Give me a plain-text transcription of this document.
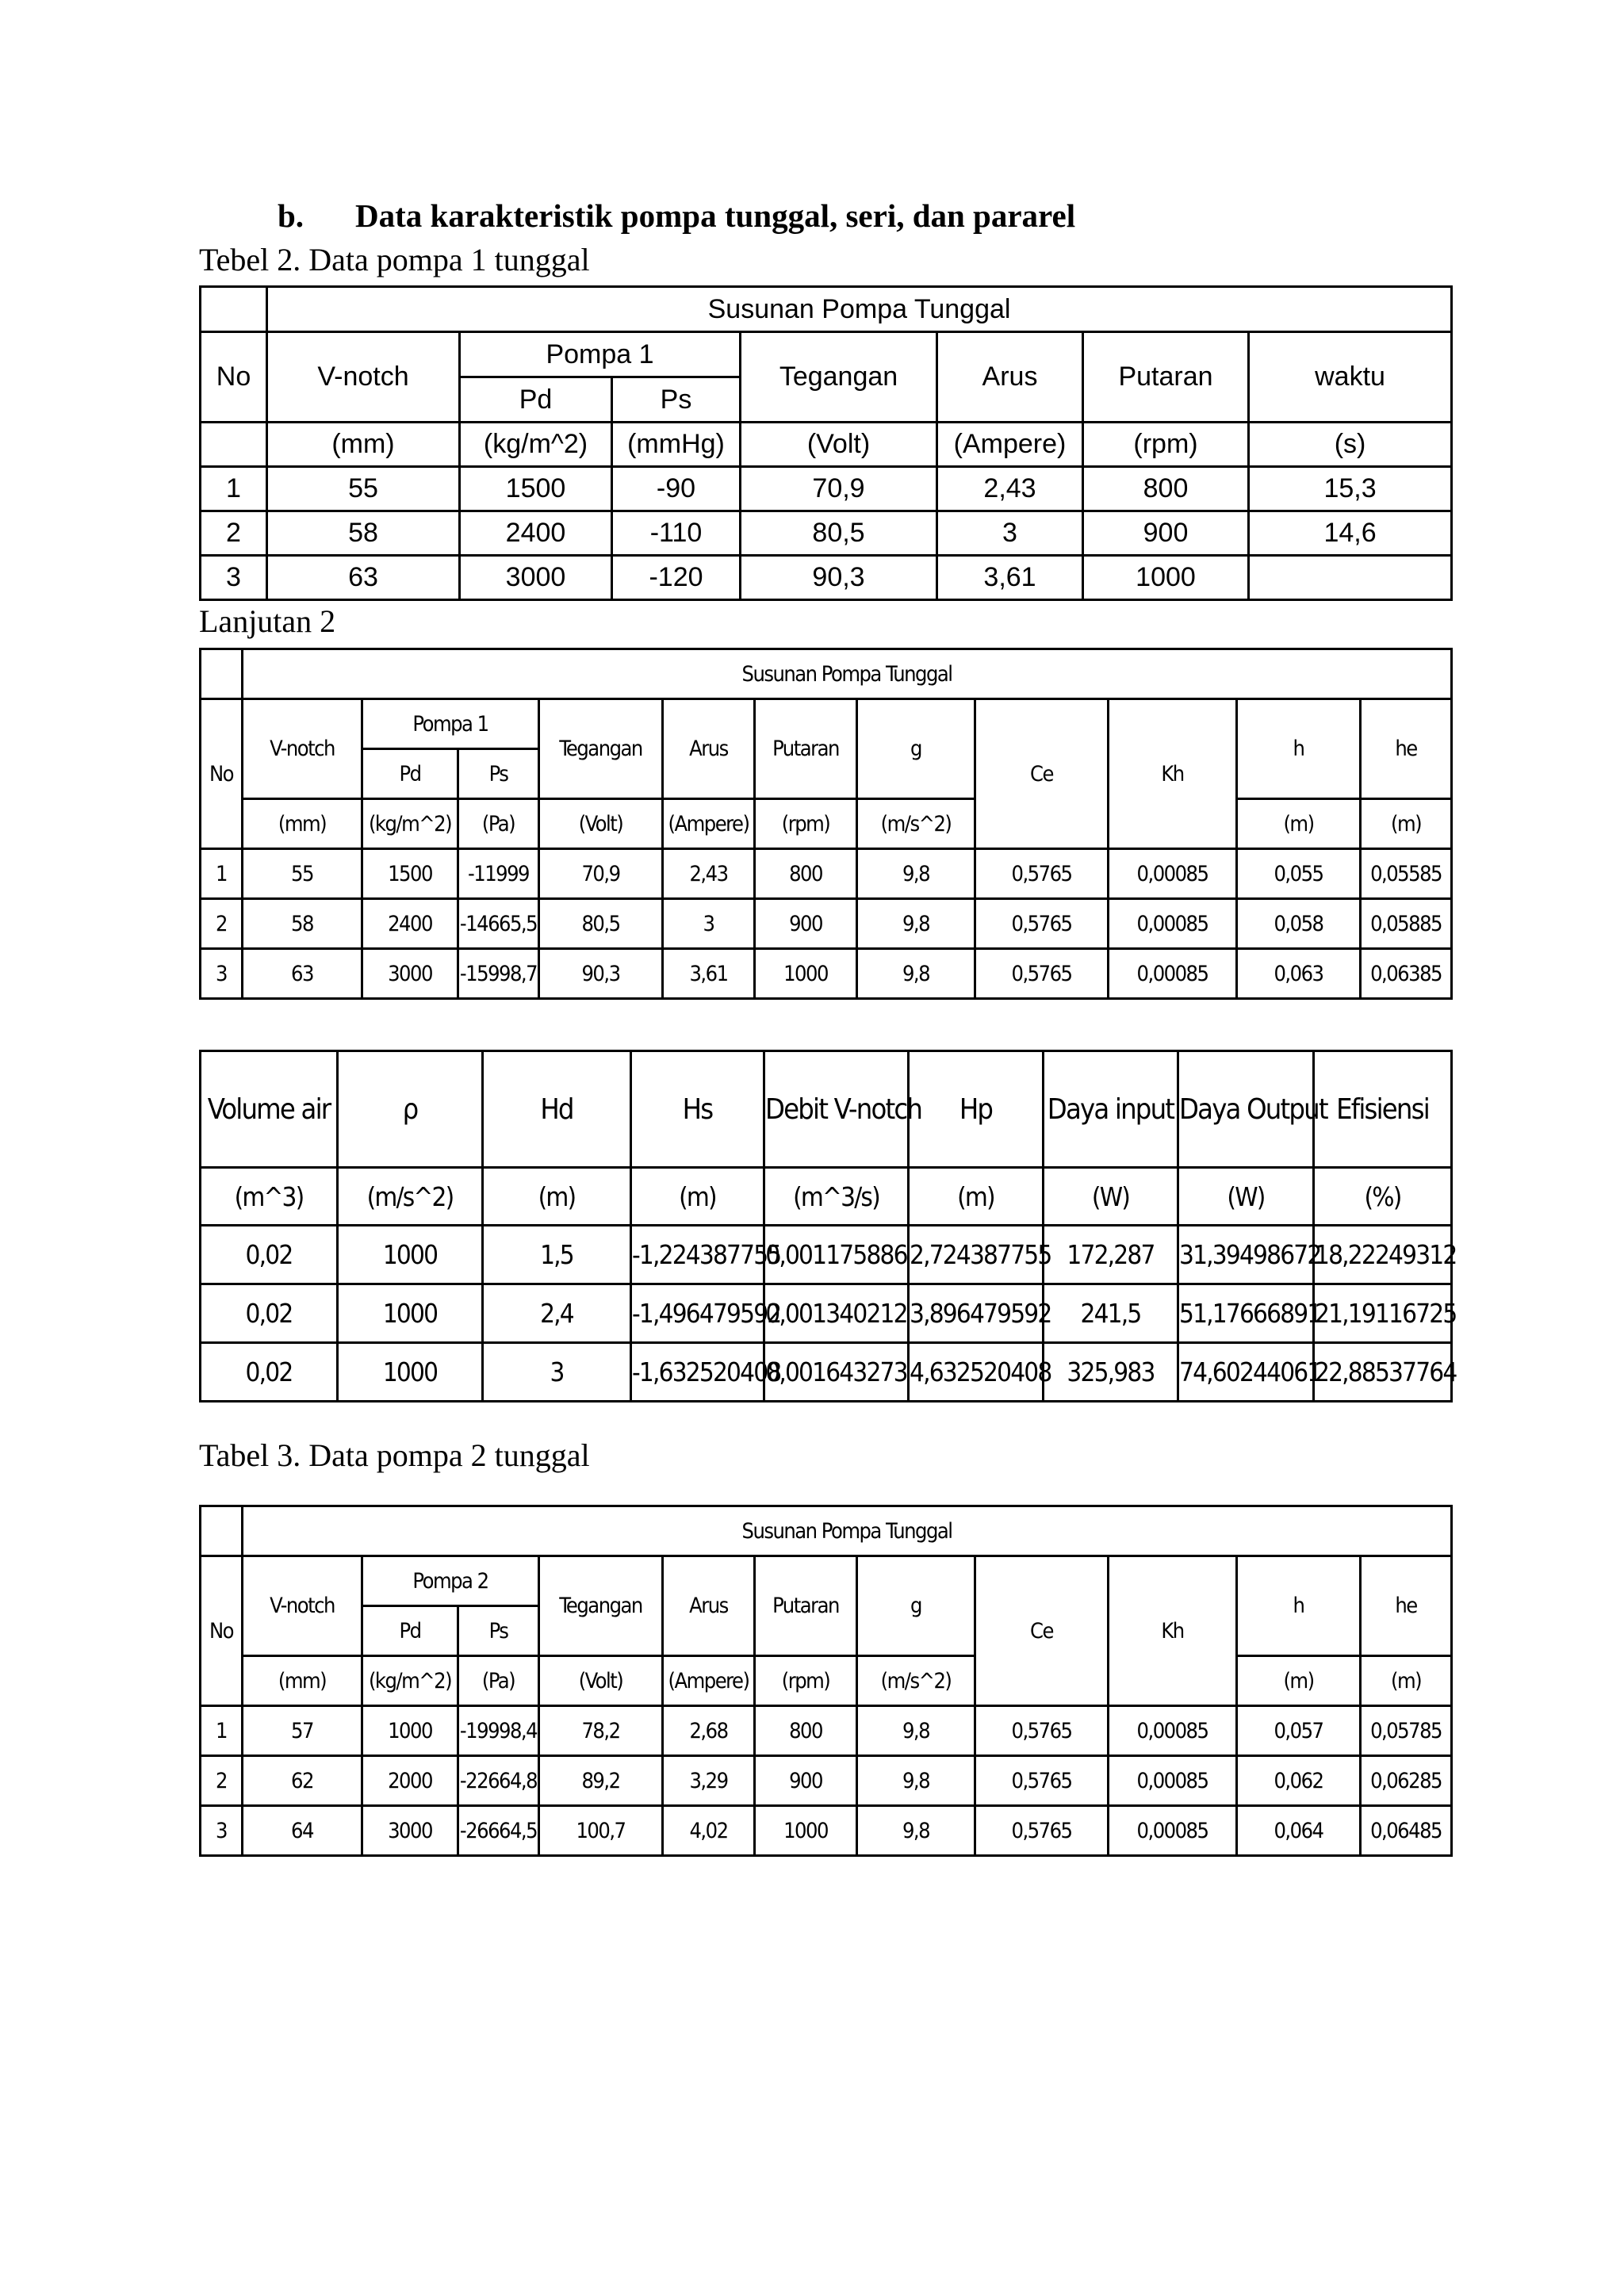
b. Data karakteristik pompa tunggal, seri, dan pararel
Tebel 2. Data pompa 1 tunggal
	Susunan Pompa Tunggal						
No	V-notch	Pompa 1		Tegangan	Arus	Putaran	waktu
		Pd	Ps				
	(mm)	(kg/m^2)	(mmHg)	(Volt)	(Ampere)	(rpm)	(s)
1	55	1500	-90	70,9	2,43	800	15,3
2	58	2400	-110	80,5	3	900	14,6
3	63	3000	-120	90,3	3,61	1000	
Lanjutan 2
	Susunan Pompa Tunggal										
No	V-notch	Pompa 1		Tegangan	Arus	Putaran	g	Ce	Kh	h	he
		Pd	Ps								
	(mm)	(kg/m^2)	(Pa)	(Volt)	(Ampere)	(rpm)	(m/s^2)			(m)	(m)
1	55	1500	-11999	70,9	2,43	800	9,8	0,5765	0,00085	0,055	0,05585
2	58	2400	-14665,5	80,5	3	900	9,8	0,5765	0,00085	0,058	0,05885
3	63	3000	-15998,7	90,3	3,61	1000	9,8	0,5765	0,00085	0,063	0,06385
Volume air	ρ	Hd	Hs	Debit V-notch	Hp	Daya input	Daya Output	Efisiensi
(m^3)	(m/s^2)	(m)	(m)	(m^3/s)	(m)	(W)	(W)	(%)
0,02	1000	1,5	-1,224387755	0,001175886	2,724387755	172,287	31,39498672	18,22249312
0,02	1000	2,4	-1,496479592	0,001340212	3,896479592	241,5	51,17666891	21,19116725
0,02	1000	3	-1,632520408	0,001643273	4,632520408	325,983	74,60244061	22,88537764
Tabel 3. Data pompa 2 tunggal
	Susunan Pompa Tunggal										
No	V-notch	Pompa 2		Tegangan	Arus	Putaran	g	Ce	Kh	h	he
		Pd	Ps								
	(mm)	(kg/m^2)	(Pa)	(Volt)	(Ampere)	(rpm)	(m/s^2)			(m)	(m)
1	57	1000	-19998,4	78,2	2,68	800	9,8	0,5765	0,00085	0,057	0,05785
2	62	2000	-22664,8	89,2	3,29	900	9,8	0,5765	0,00085	0,062	0,06285
3	64	3000	-26664,5	100,7	4,02	1000	9,8	0,5765	0,00085	0,064	0,06485
